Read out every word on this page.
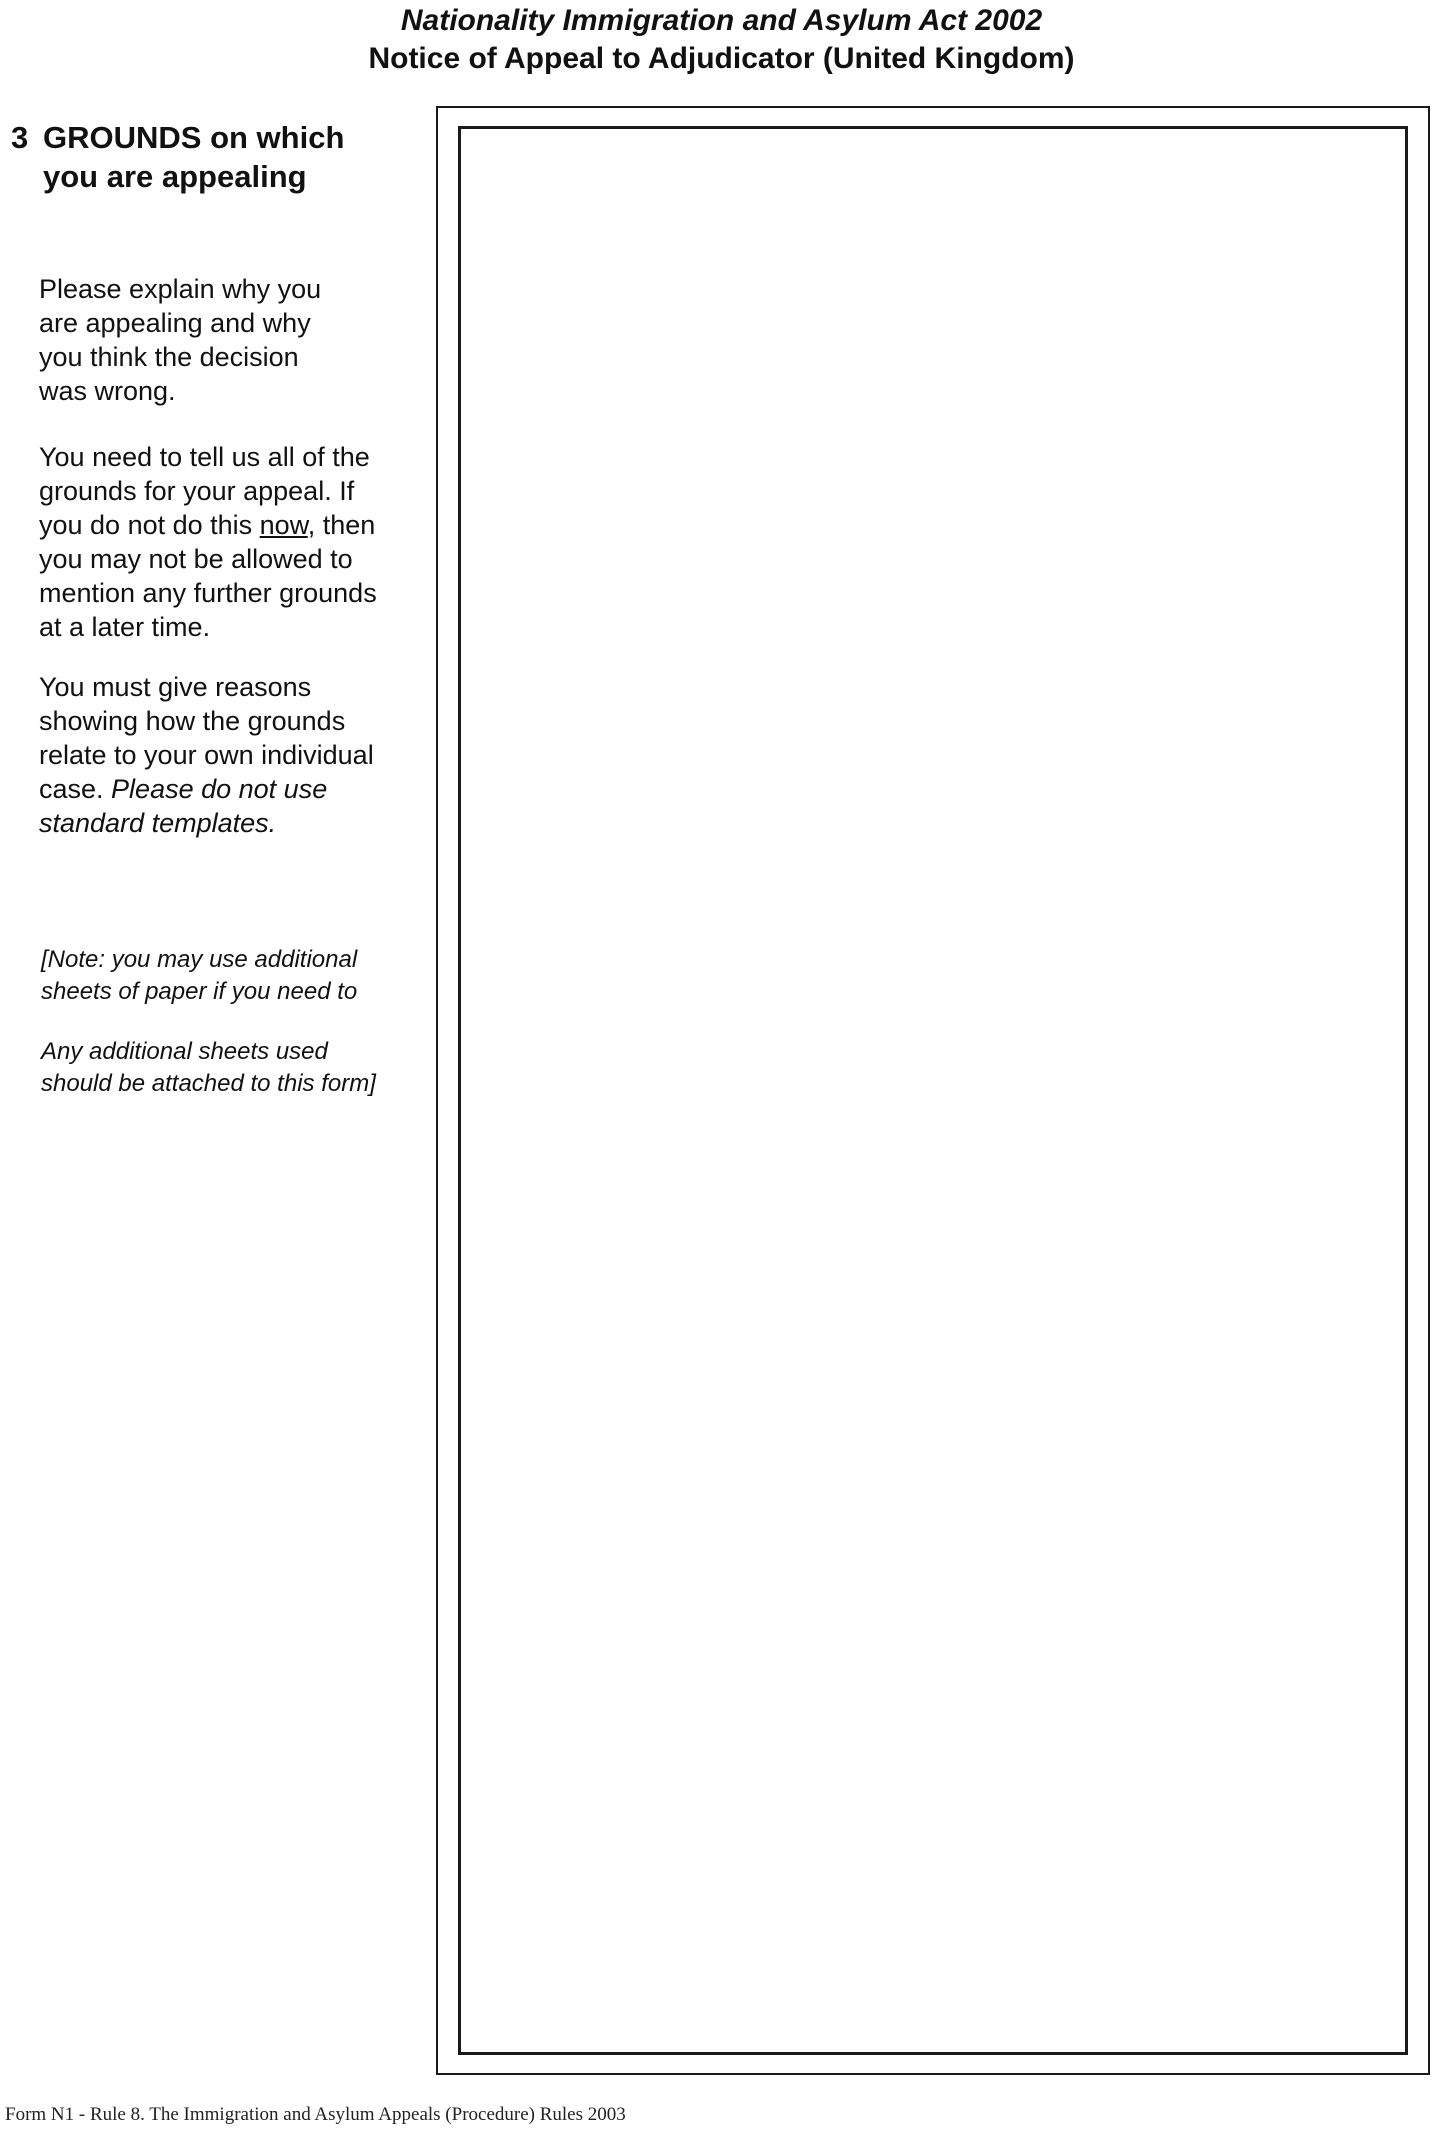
Nationality Immigration and Asylum Act 2002
Notice of Appeal to Adjudicator (United Kingdom)
3 GROUNDS on which
you are appealing
Please explain why you
are appealing and why
you think the decision
was wrong.
You need to tell us all of the
grounds for your appeal. If
you do not do this now, then
you may not be allowed to
mention any further grounds
at a later time.
You must give reasons
showing how the grounds
relate to your own individual
case. Please do not use
standard templates.
[Note: you may use additional
sheets of paper if you need to
Any additional sheets used
should be attached to this form]
Form N1 - Rule 8. The Immigration and Asylum Appeals (Procedure) Rules 2003
